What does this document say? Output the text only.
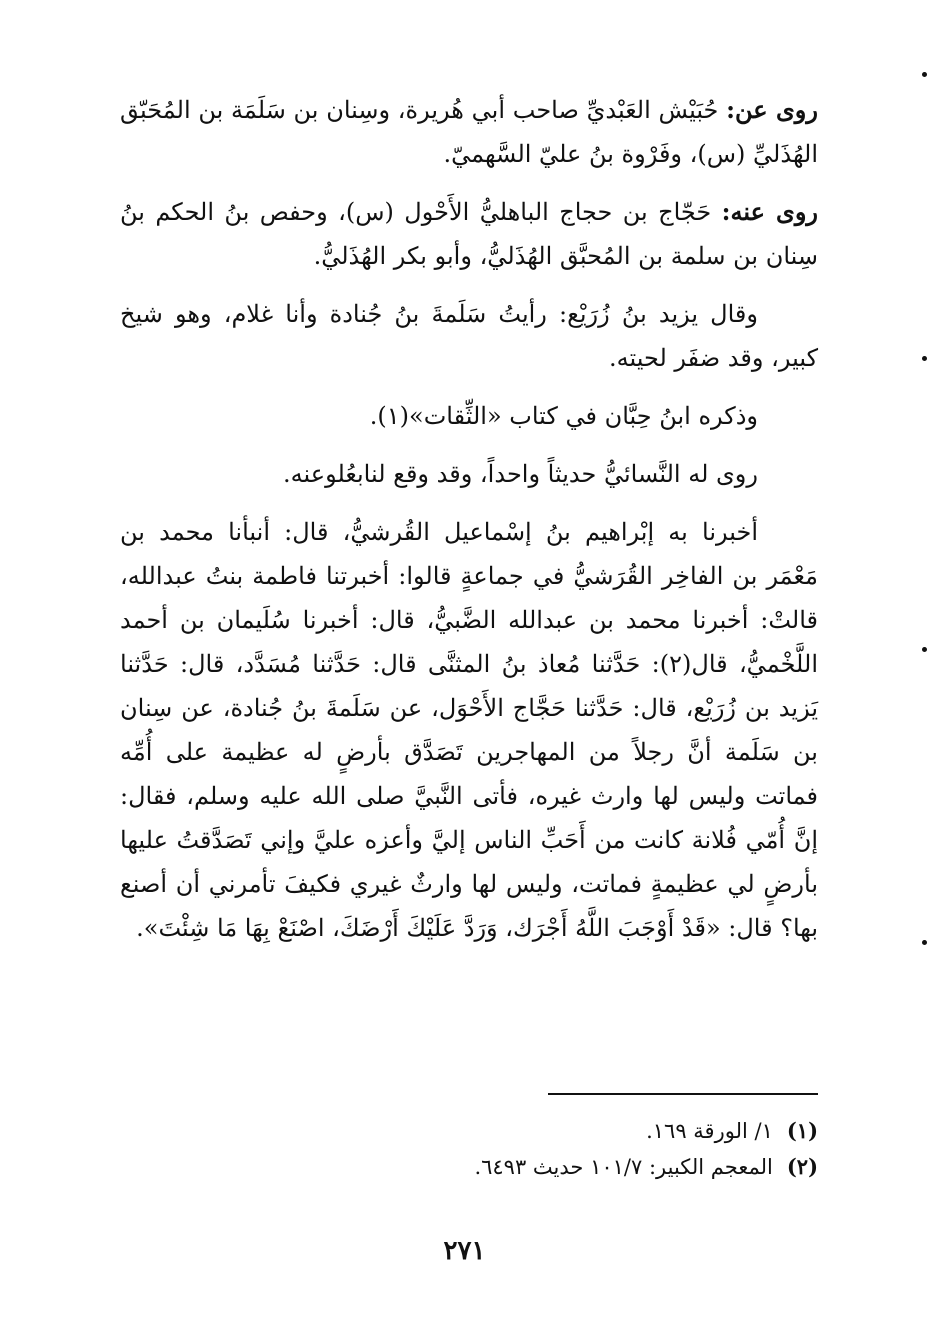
روى عن: حُبَيْش العَبْديِّ صاحب أبي هُريرة، وسِنان بن سَلَمَة بن المُحَبّق الهُذَليِّ (س)، وفَرْوة بنُ عليّ السَّهميّ.

روى عنه: حَجّاج بن حجاج الباهليُّ الأَحْول (س)، وحفص بنُ الحكم بنُ سِنان بن سلمة بن المُحبَّق الهُذَليُّ، وأبو بكر الهُذَليُّ.

وقال يزيد بنُ زُرَيْع: رأيتُ سَلَمةَ بنُ جُنادة وأنا غلام، وهو شيخ كبير، وقد ضفَر لحيته.

وذكره ابنُ حِبَّان في كتاب «الثِّقات»(١).

روى له النَّسائيُّ حديثاً واحداً، وقد وقع لنابعُلوعنه.

أخبرنا به إبْراهيم بنُ إسْماعيل القُرشيُّ، قال: أنبأنا محمد بن مَعْمَر بن الفاخِر القُرَشيُّ في جماعةٍ قالوا: أخبرتنا فاطمة بنتُ عبدالله، قالتْ: أخبرنا محمد بن عبدالله الضَّبيُّ، قال: أخبرنا سُلَيمان بن أحمد اللَّخْميُّ، قال(٢): حَدَّثنا مُعاذ بنُ المثنَّى قال: حَدَّثنا مُسَدَّد، قال: حَدَّثنا يَزيد بن زُرَيْع، قال: حَدَّثنا حَجَّاج الأَحْوَل، عن سَلَمةَ بنُ جُنادة، عن سِنان بن سَلَمة أنَّ رجلاً من المهاجرين تَصَدَّق بأرضٍ له عظيمة على أُمِّه فماتت وليس لها وارث غيره، فأتى النَّبيَّ صلى الله عليه وسلم، فقال: إنَّ أُمّي فُلانة كانت من أَحَبِّ الناس إليَّ وأعزه عليَّ وإني تَصَدَّقتُ عليها بأرضٍ لي عظيمةٍ فماتت، وليس لها وارثٌ غيري فكيفَ تأمرني أن أصنع بها؟ قال: «قَدْ أَوْجَبَ اللَّهُ أَجْرَك، وَرَدَّ عَلَيْكَ أَرْضَكَ، اصْنَعْ بِهَا مَا شِئْتَ».

(١)١/ الورقة ١٦٩.

(٢)المعجم الكبير: ١٠١/٧ حديث ٦٤٩٣.

٢٧١
